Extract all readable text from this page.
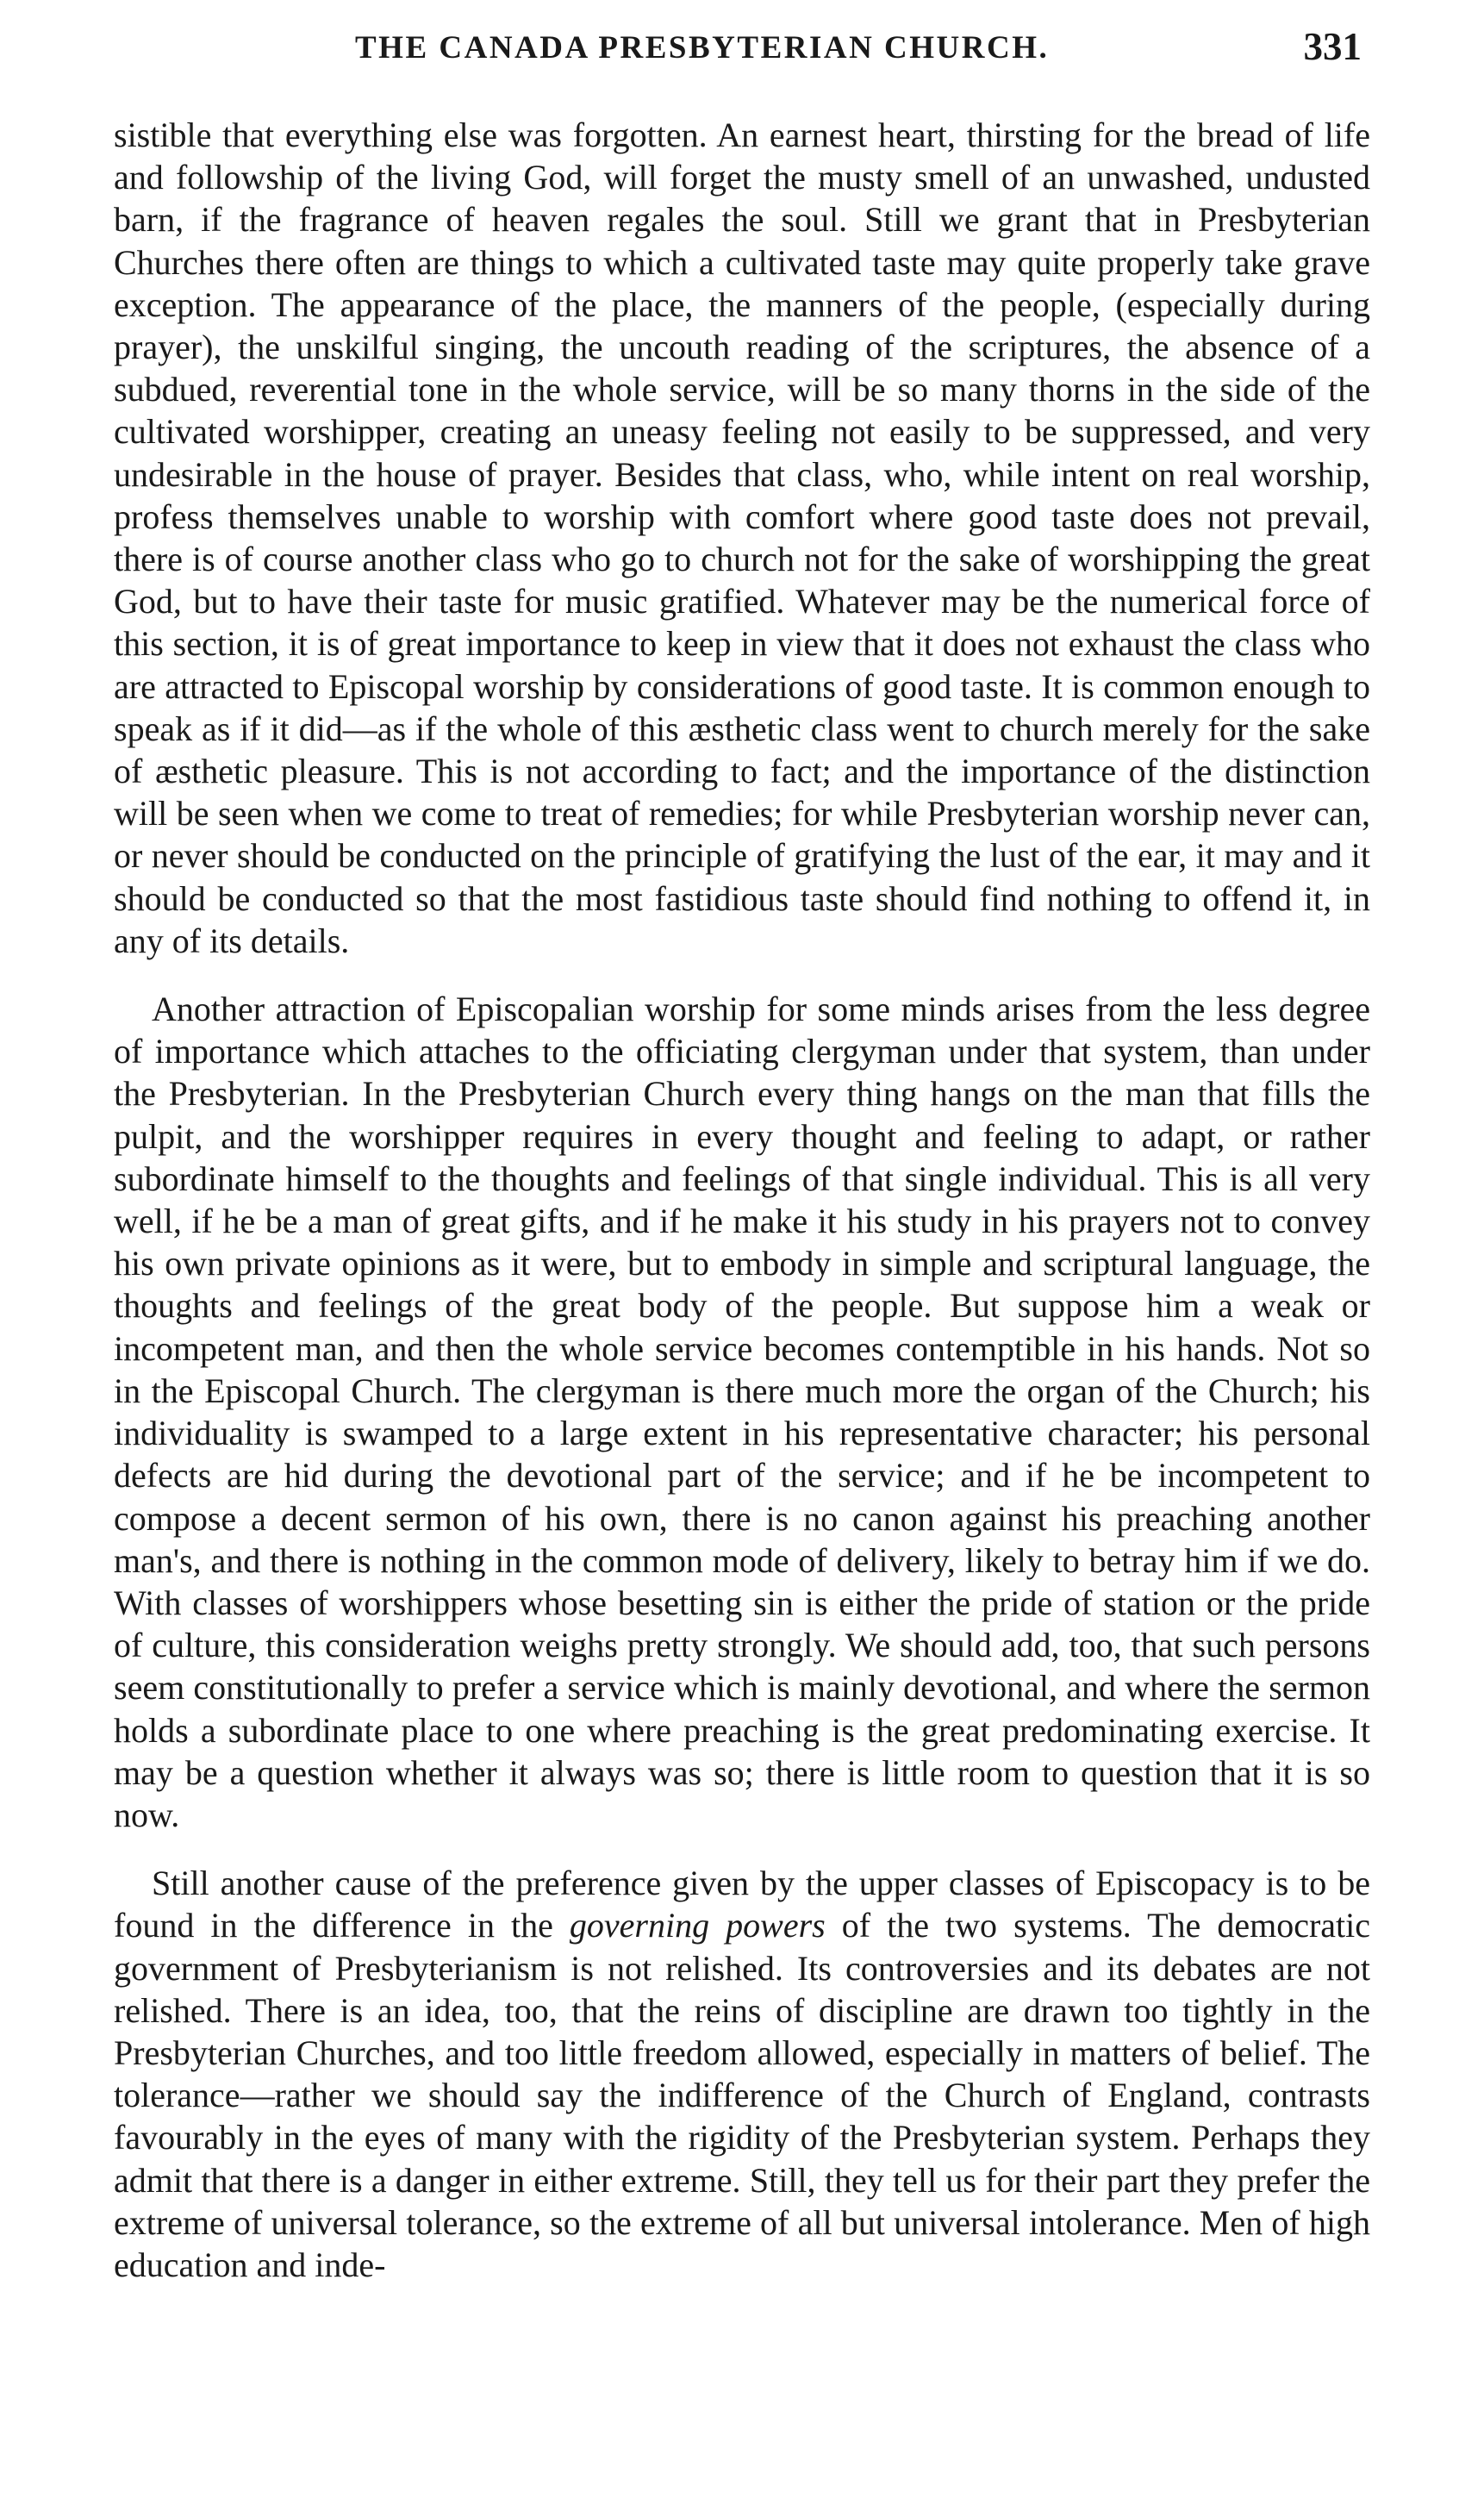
THE CANADA PRESBYTERIAN CHURCH.	331

sistible that everything else was forgotten. An earnest heart, thirsting for the bread of life and followship of the living God, will forget the musty smell of an unwashed, undusted barn, if the fragrance of heaven regales the soul. Still we grant that in Presbyterian Churches there often are things to which a cultivated taste may quite properly take grave exception. The appearance of the place, the manners of the people, (especially during prayer), the unskilful singing, the uncouth reading of the scriptures, the absence of a subdued, reverential tone in the whole service, will be so many thorns in the side of the cultivated worshipper, creating an uneasy feeling not easily to be suppressed, and very undesirable in the house of prayer. Besides that class, who, while intent on real worship, profess themselves unable to worship with comfort where good taste does not prevail, there is of course another class who go to church not for the sake of worshipping the great God, but to have their taste for music gratified. Whatever may be the numerical force of this section, it is of great importance to keep in view that it does not exhaust the class who are attracted to Episcopal worship by considerations of good taste. It is common enough to speak as if it did—as if the whole of this æsthetic class went to church merely for the sake of æsthetic pleasure. This is not according to fact; and the importance of the distinction will be seen when we come to treat of remedies; for while Presbyterian worship never can, or never should be conducted on the principle of gratifying the lust of the ear, it may and it should be conducted so that the most fastidious taste should find nothing to offend it, in any of its details.

Another attraction of Episcopalian worship for some minds arises from the less degree of importance which attaches to the officiating clergyman under that system, than under the Presbyterian. In the Presbyterian Church every thing hangs on the man that fills the pulpit, and the worshipper requires in every thought and feeling to adapt, or rather subordinate himself to the thoughts and feelings of that single individual. This is all very well, if he be a man of great gifts, and if he make it his study in his prayers not to convey his own private opinions as it were, but to embody in simple and scriptural language, the thoughts and feelings of the great body of the people. But suppose him a weak or incompetent man, and then the whole service becomes contemptible in his hands. Not so in the Episcopal Church. The clergyman is there much more the organ of the Church; his individuality is swamped to a large extent in his representative character; his personal defects are hid during the devotional part of the service; and if he be incompetent to compose a decent sermon of his own, there is no canon against his preaching another man's, and there is nothing in the common mode of delivery, likely to betray him if we do. With classes of worshippers whose besetting sin is either the pride of station or the pride of culture, this consideration weighs pretty strongly. We should add, too, that such persons seem constitutionally to prefer a service which is mainly devotional, and where the sermon holds a subordinate place to one where preaching is the great predominating exercise. It may be a question whether it always was so; there is little room to question that it is so now.

Still another cause of the preference given by the upper classes of Episcopacy is to be found in the difference in the governing powers of the two systems. The democratic government of Presbyterianism is not relished. Its controversies and its debates are not relished. There is an idea, too, that the reins of discipline are drawn too tightly in the Presbyterian Churches, and too little freedom allowed, especially in matters of belief. The tolerance—rather we should say the indifference of the Church of England, contrasts favourably in the eyes of many with the rigidity of the Presbyterian system. Perhaps they admit that there is a danger in either extreme. Still, they tell us for their part they prefer the extreme of universal tolerance, so the extreme of all but universal intolerance. Men of high education and inde-
